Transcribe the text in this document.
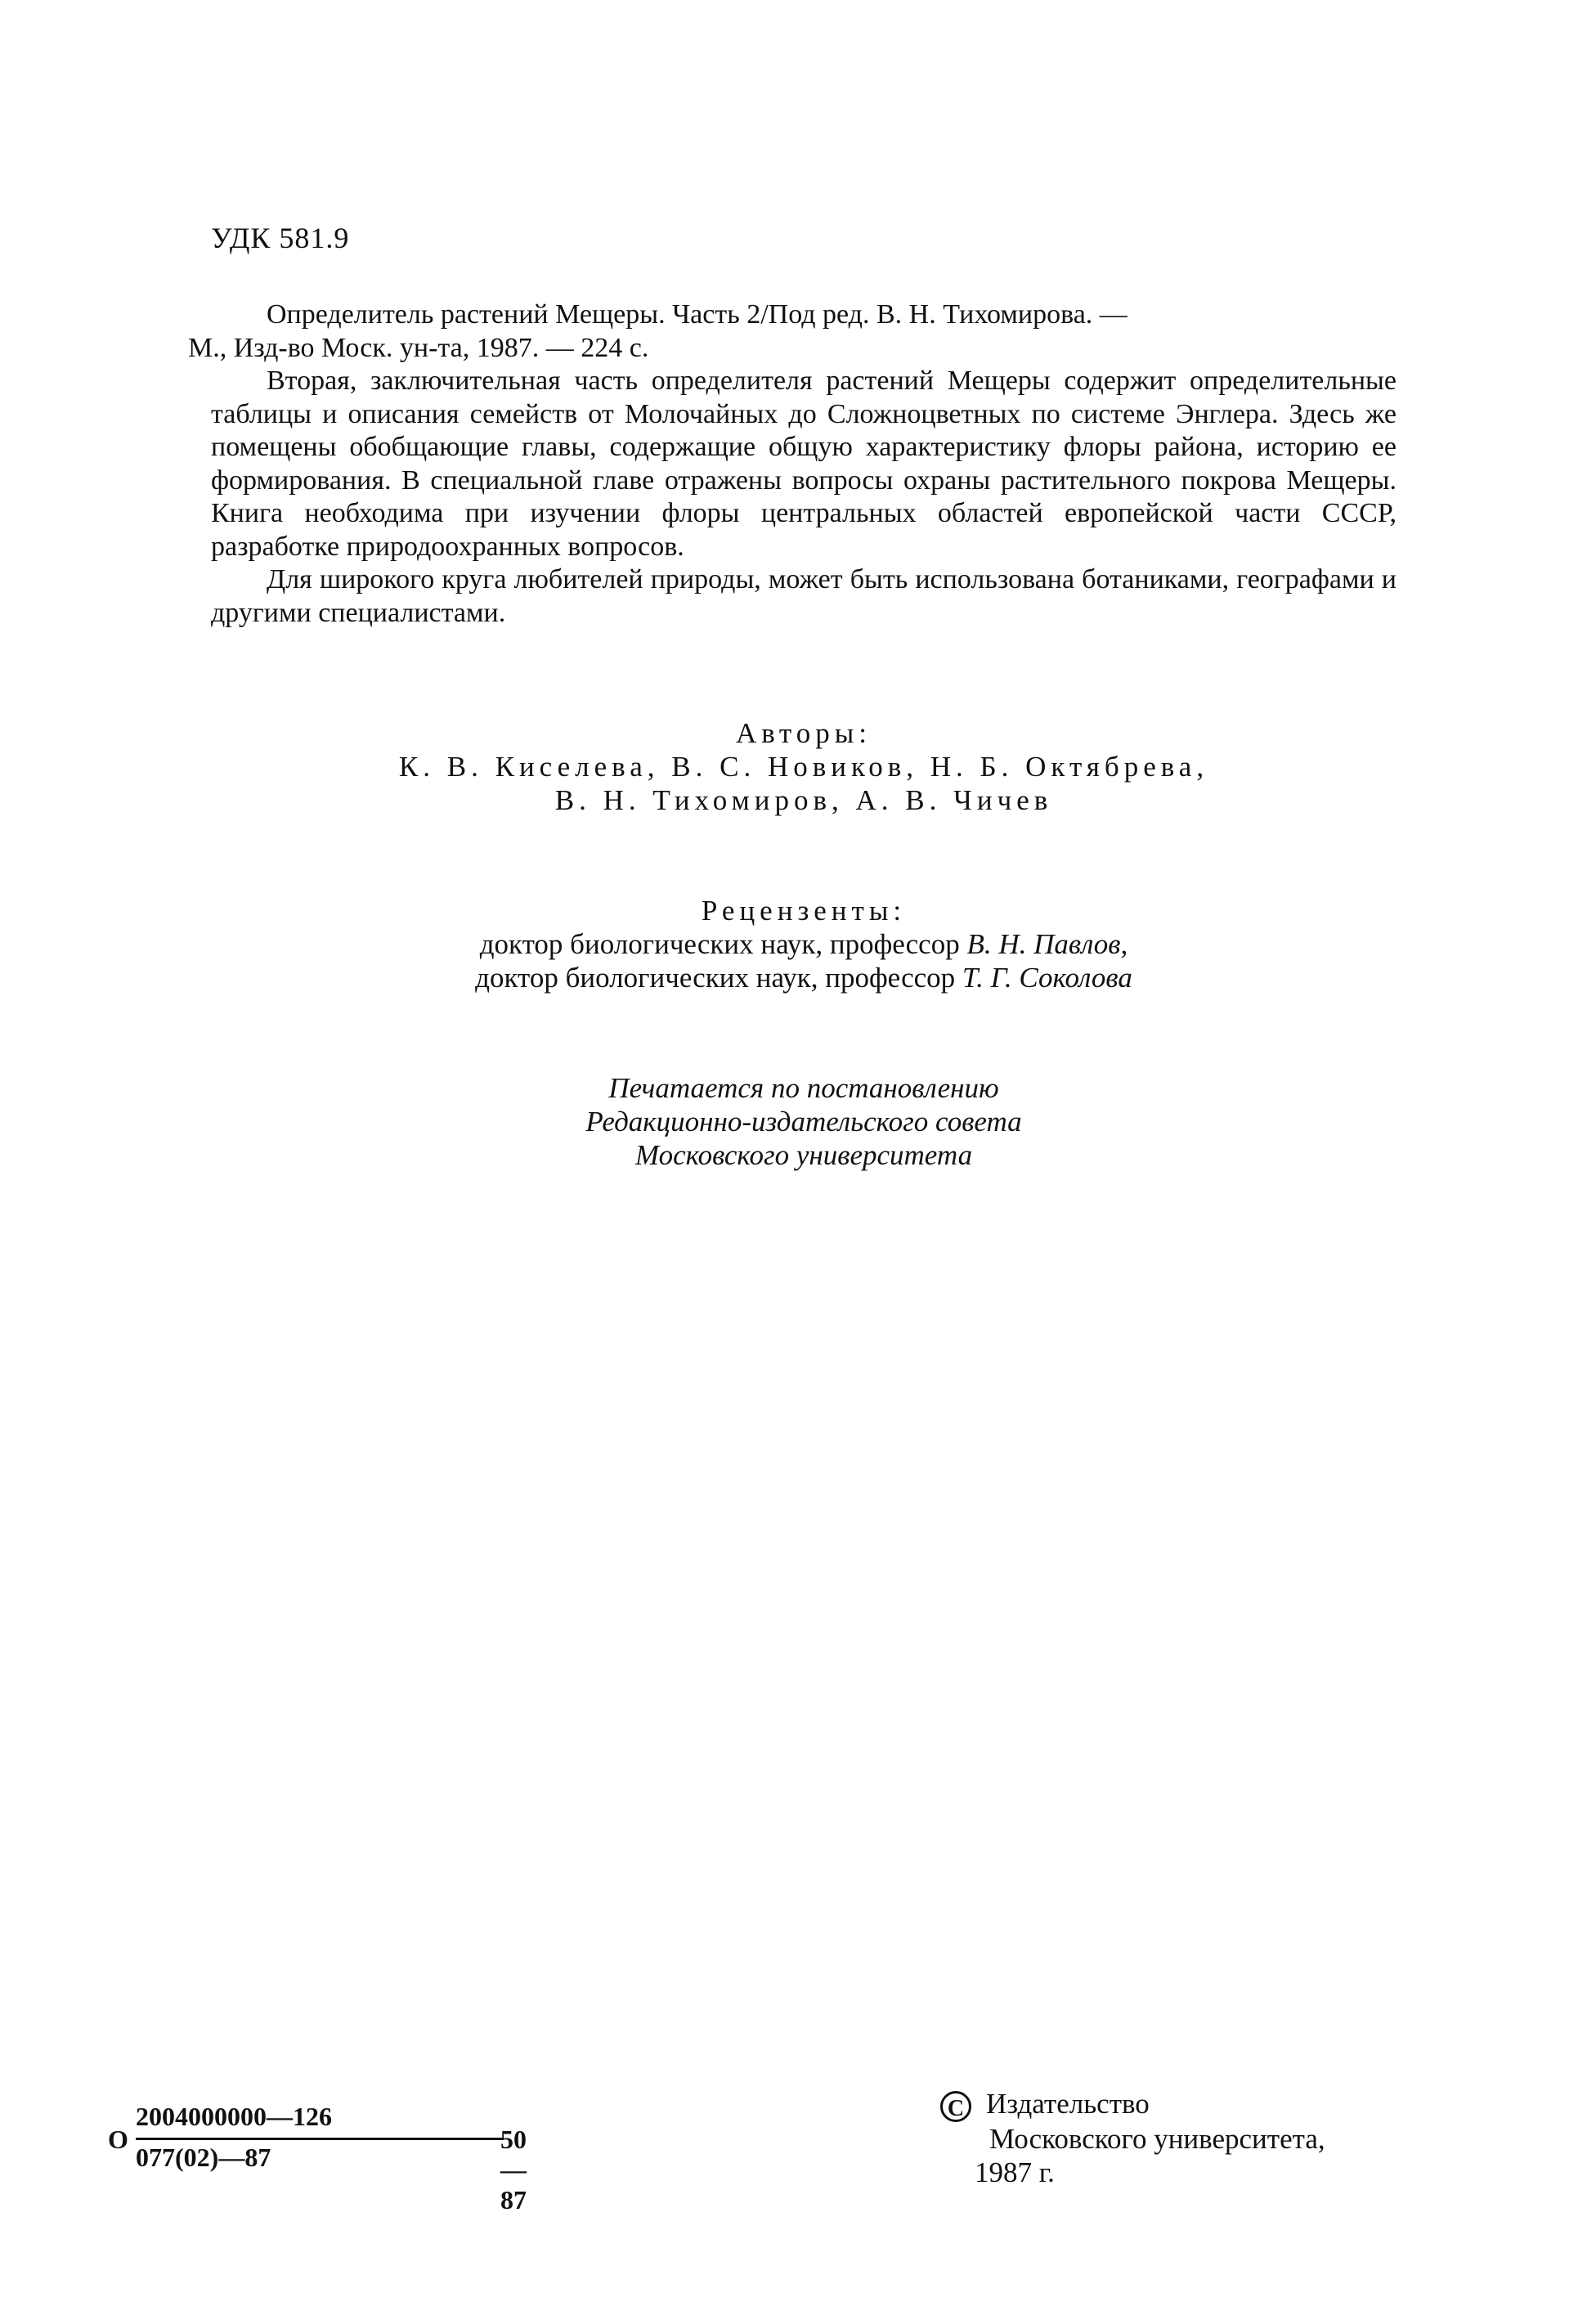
УДК 581.9

Определитель растений Мещеры. Часть 2/Под ред. В. Н. Тихомирова. —
М., Изд-во Моск. ун-та, 1987. — 224 с.

Вторая, заключительная часть определителя растений Мещеры содержит определительные таблицы и описания семейств от Молочайных до Сложноцветных по системе Энглера. Здесь же помещены обобщающие главы, содержащие общую характеристику флоры района, историю ее формирования. В специальной главе отражены вопросы охраны растительного покрова Мещеры. Книга необходима при изучении флоры центральных областей европейской части СССР, разработке природоохранных вопросов.

Для широкого круга любителей природы, может быть использована ботаниками, географами и другими специалистами.

Авторы:
К. В. Киселева, В. С. Новиков, Н. Б. Октябрева,
В. Н. Тихомиров, А. В. Чичев
Рецензенты:
доктор биологических наук, профессор В. Н. Павлов,
доктор биологических наук, профессор Т. Г. Соколова
Печатается по постановлению
Редакционно-издательского совета
Московского университета
О
2004000000—126
077(02)—87
50—87
C Издательство
Московского университета,
1987 г.
